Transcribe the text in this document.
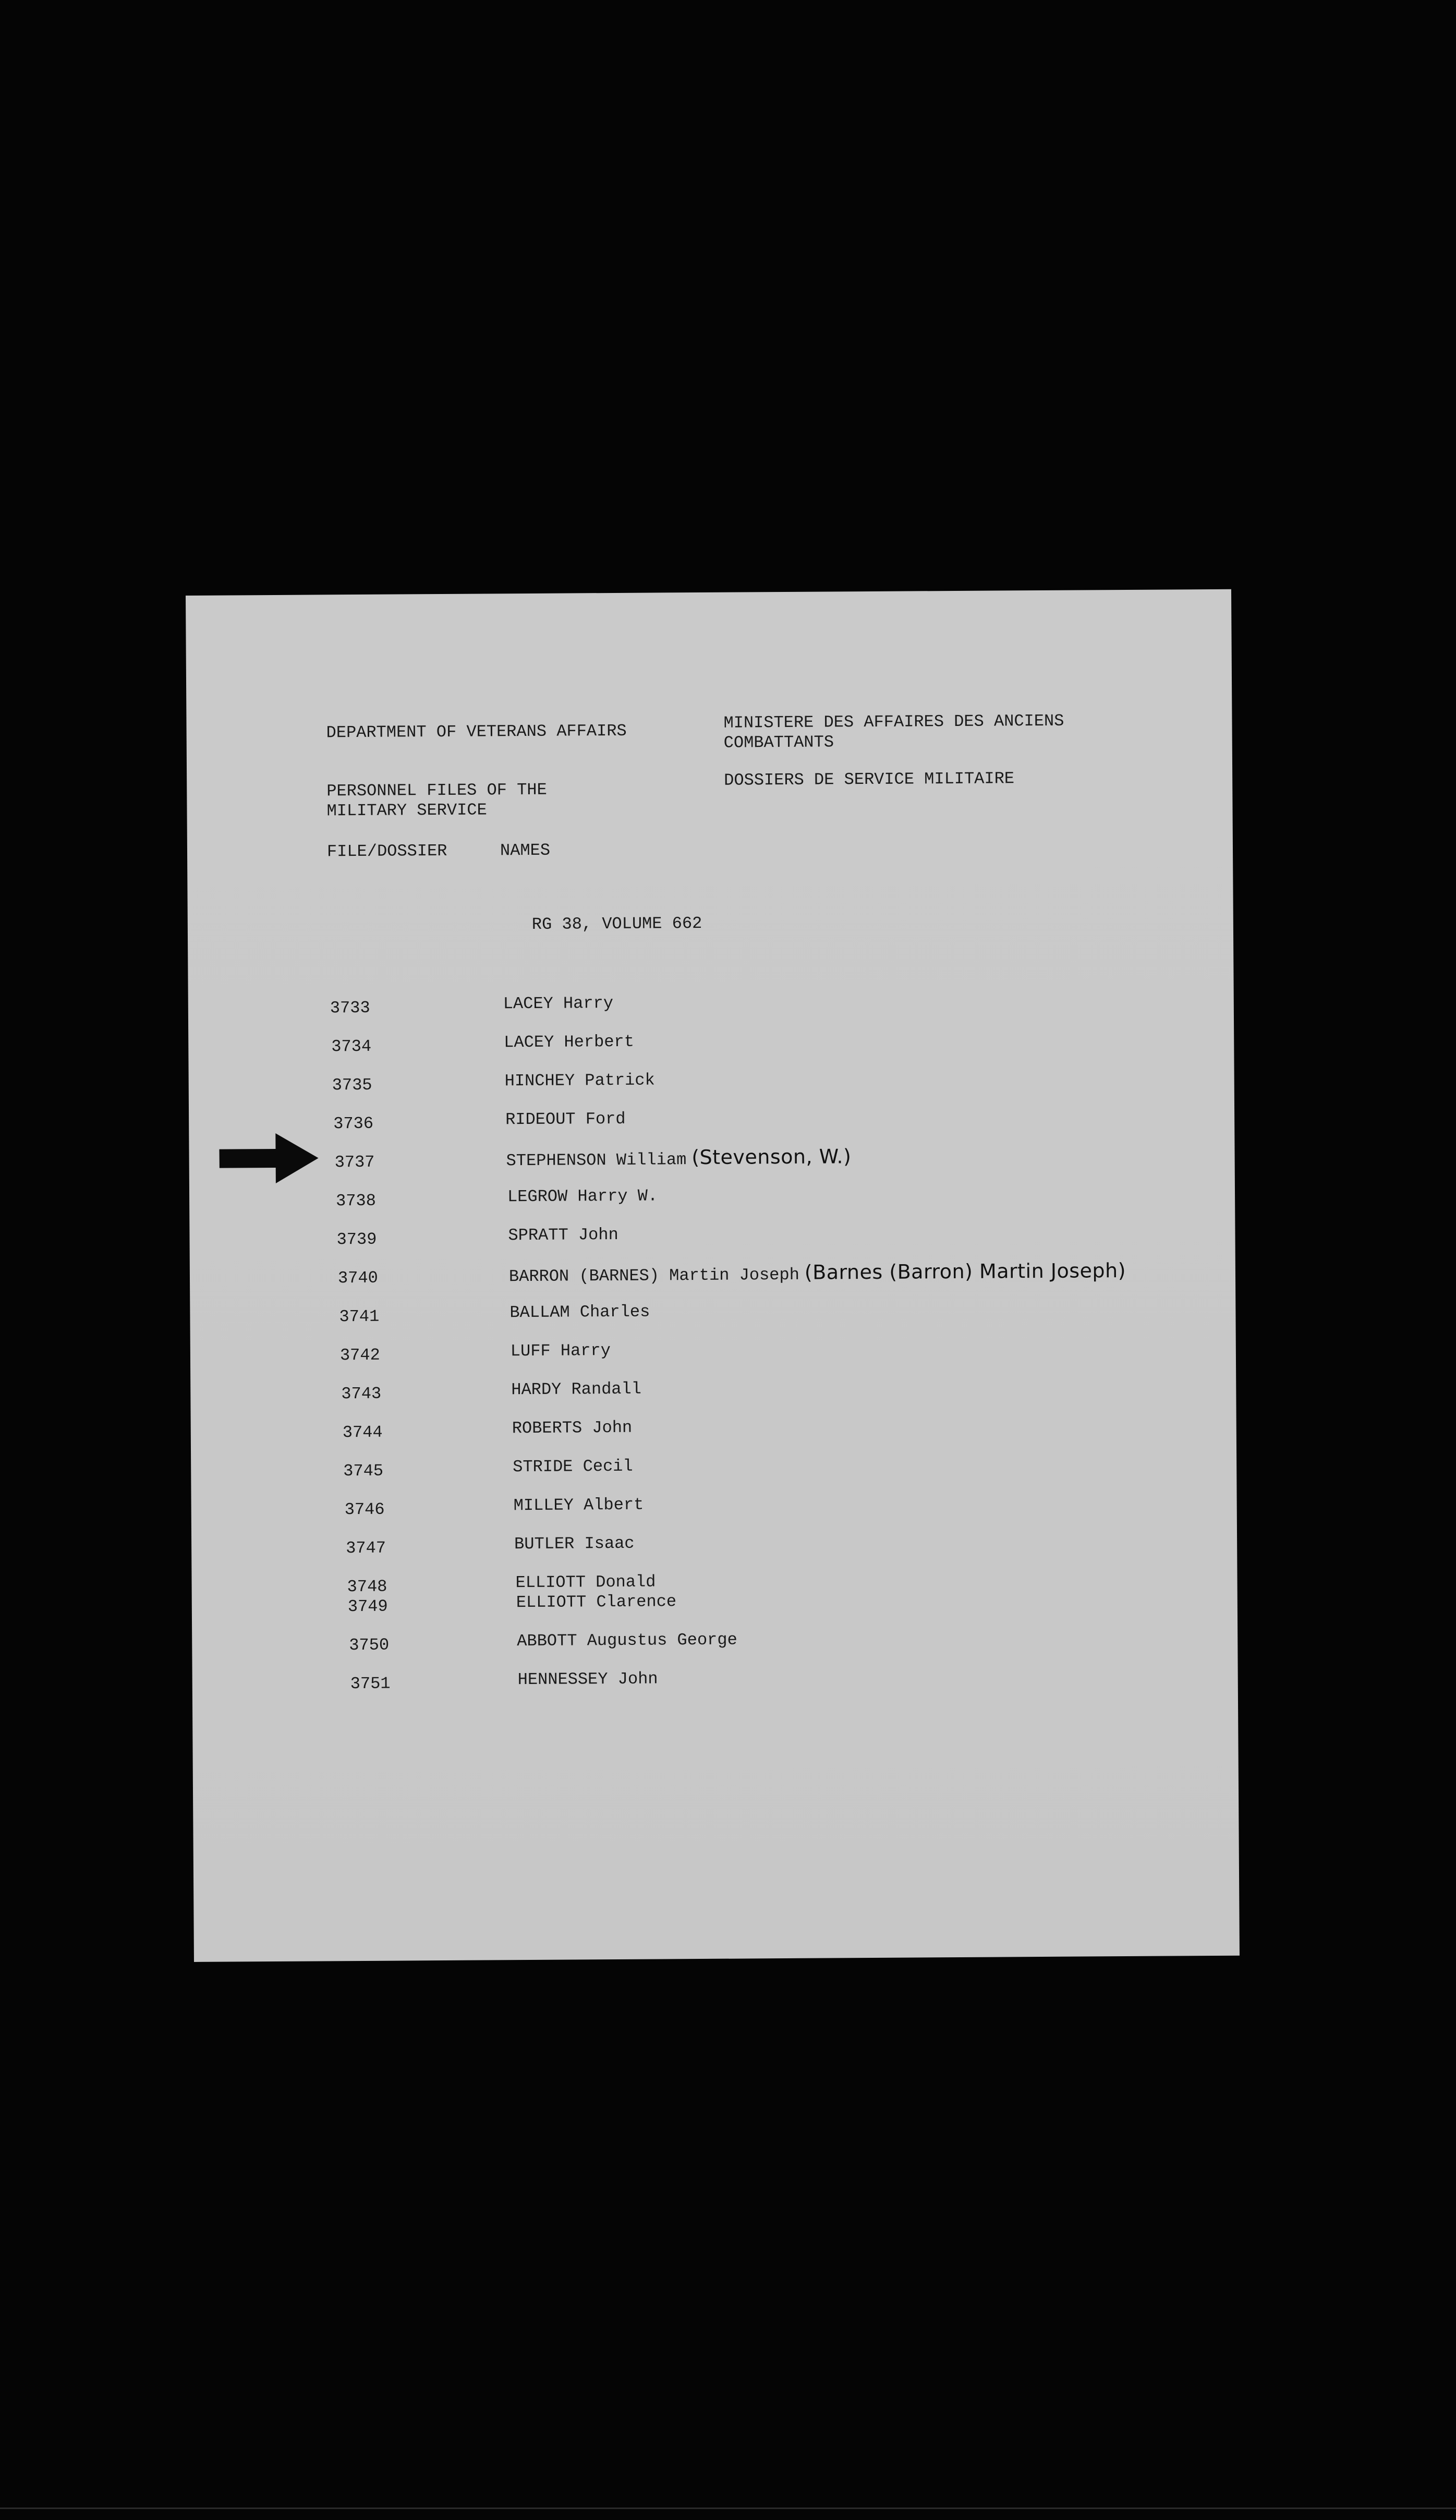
DEPARTMENT OF VETERANS AFFAIRS	MINISTERE DES AFFAIRES DES ANCIENS
COMBATTANTS
PERSONNEL FILES OF THE
MILITARY SERVICE
DOSSIERS DE SERVICE MILITAIRE
FILE/DOSSIER	NAMES
RG 38, VOLUME 662
3733	LACEY Harry
3734	LACEY Herbert
3735	HINCHEY Patrick
3736	RIDEOUT Ford
3737	STEPHENSON William (Stevenson, W.)
3738	LEGROW Harry W.
3739	SPRATT John
3740	BARRON (BARNES) Martin Joseph (Barnes (Barron) Martin Joseph)
3741	BALLAM Charles
3742	LUFF Harry
3743	HARDY Randall
3744	ROBERTS John
3745	STRIDE Cecil
3746	MILLEY Albert
3747	BUTLER Isaac
3748	ELLIOTT Donald
3749	ELLIOTT Clarence
3750	ABBOTT Augustus George
3751	HENNESSEY John
